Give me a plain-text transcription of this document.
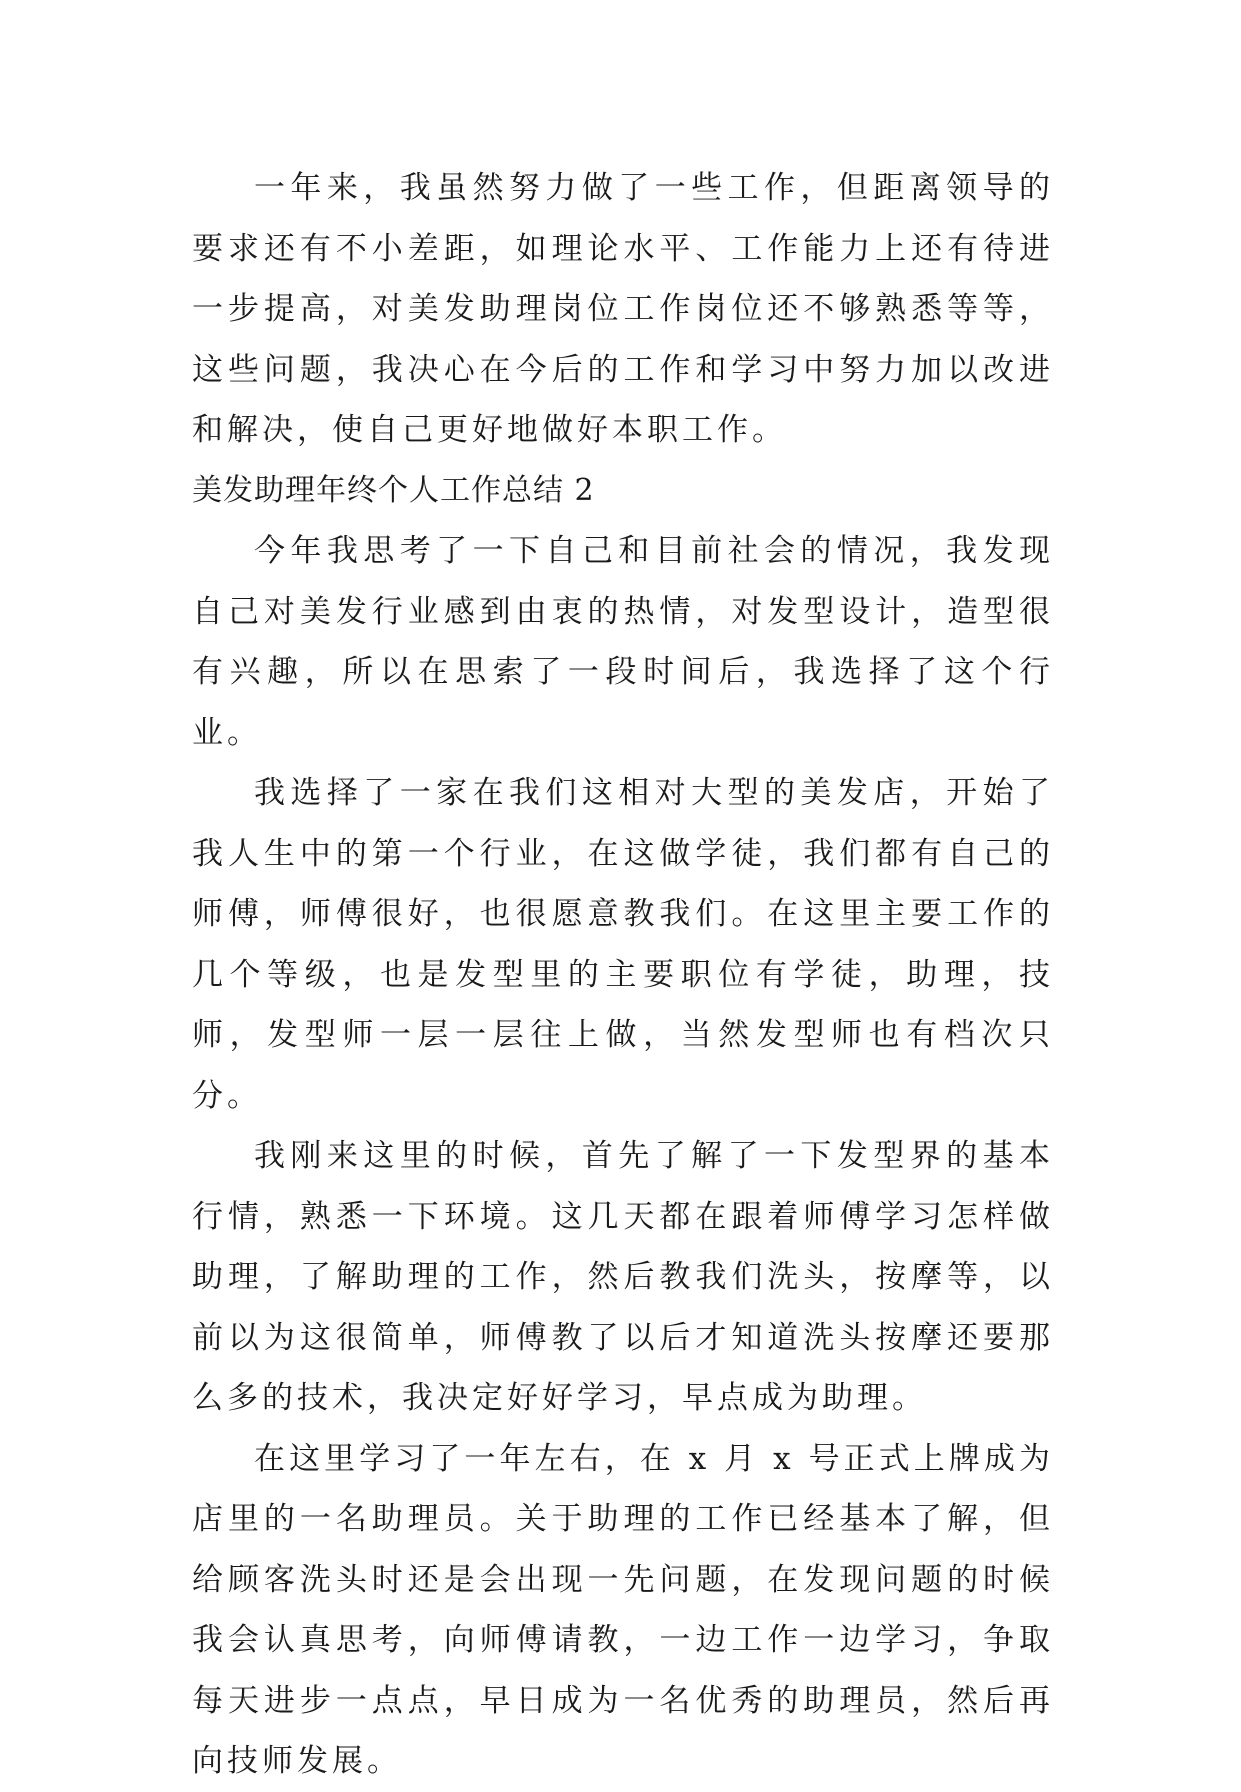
一年来，我虽然努力做了一些工作，但距离领导的要求还有不小差距，如理论水平、工作能力上还有待进一步提高，对美发助理岗位工作岗位还不够熟悉等等，这些问题，我决心在今后的工作和学习中努力加以改进和解决，使自己更好地做好本职工作。

美发助理年终个人工作总结 2

今年我思考了一下自己和目前社会的情况，我发现自己对美发行业感到由衷的热情，对发型设计，造型很有兴趣，所以在思索了一段时间后，我选择了这个行业。

我选择了一家在我们这相对大型的美发店，开始了我人生中的第一个行业，在这做学徒，我们都有自己的师傅，师傅很好，也很愿意教我们。在这里主要工作的几个等级，也是发型里的主要职位有学徒，助理，技师，发型师一层一层往上做，当然发型师也有档次只分。

我刚来这里的时候，首先了解了一下发型界的基本行情，熟悉一下环境。这几天都在跟着师傅学习怎样做助理，了解助理的工作，然后教我们洗头，按摩等，以前以为这很简单，师傅教了以后才知道洗头按摩还要那么多的技术，我决定好好学习，早点成为助理。

在这里学习了一年左右，在 x 月 x 号正式上牌成为店里的一名助理员。关于助理的工作已经基本了解，但给顾客洗头时还是会出现一先问题，在发现问题的时候我会认真思考，向师傅请教，一边工作一边学习，争取每天进步一点点，早日成为一名优秀的助理员，然后再向技师发展。
